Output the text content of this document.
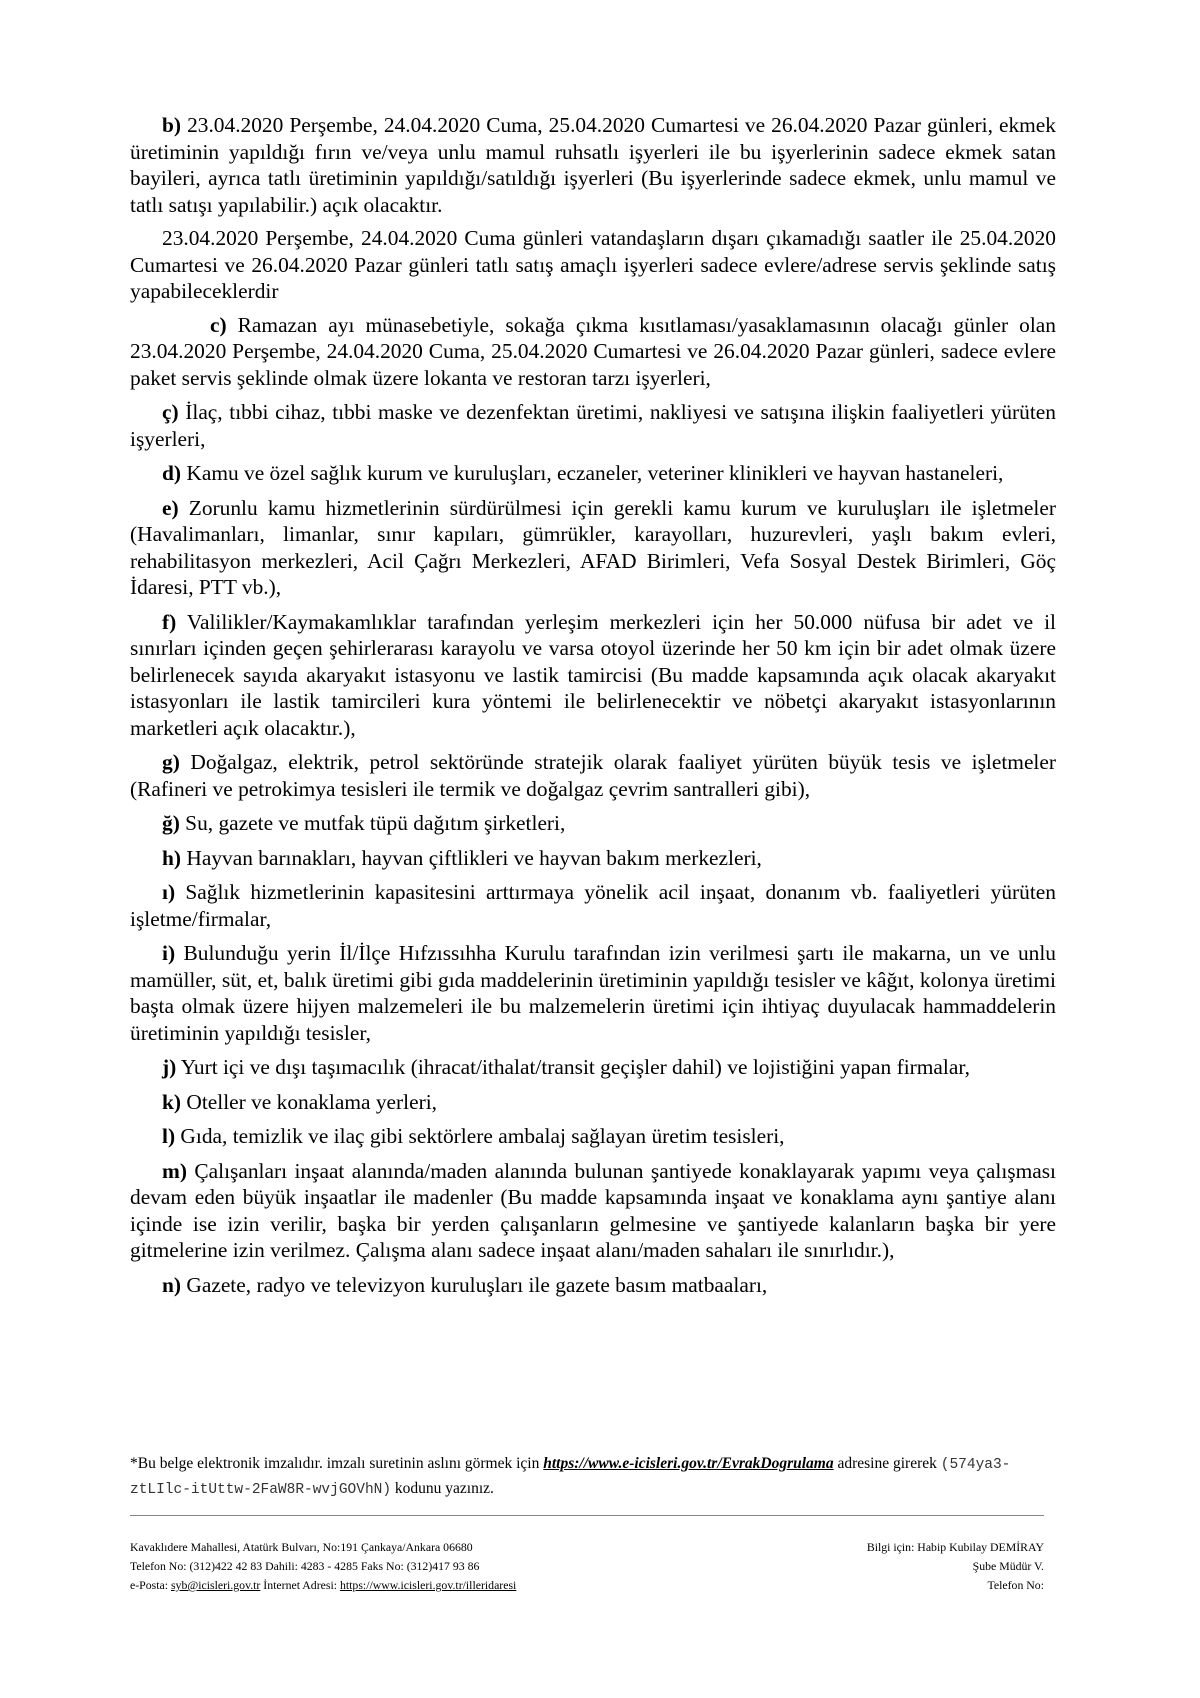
b) 23.04.2020 Perşembe, 24.04.2020 Cuma, 25.04.2020 Cumartesi ve 26.04.2020 Pazar günleri, ekmek üretiminin yapıldığı fırın ve/veya unlu mamul ruhsatlı işyerleri ile bu işyerlerinin sadece ekmek satan bayileri, ayrıca tatlı üretiminin yapıldığı/satıldığı işyerleri (Bu işyerlerinde sadece ekmek, unlu mamul ve tatlı satışı yapılabilir.) açık olacaktır.

23.04.2020 Perşembe, 24.04.2020 Cuma günleri vatandaşların dışarı çıkamadığı saatler ile 25.04.2020 Cumartesi ve 26.04.2020 Pazar günleri tatlı satış amaçlı işyerleri sadece evlere/adrese servis şeklinde satış yapabileceklerdir

c) Ramazan ayı münasebetiyle, sokağa çıkma kısıtlaması/yasaklamasının olacağı günler olan 23.04.2020 Perşembe, 24.04.2020 Cuma, 25.04.2020 Cumartesi ve 26.04.2020 Pazar günleri, sadece evlere paket servis şeklinde olmak üzere lokanta ve restoran tarzı işyerleri,

ç) İlaç, tıbbi cihaz, tıbbi maske ve dezenfektan üretimi, nakliyesi ve satışına ilişkin faaliyetleri yürüten işyerleri,

d) Kamu ve özel sağlık kurum ve kuruluşları, eczaneler, veteriner klinikleri ve hayvan hastaneleri,

e) Zorunlu kamu hizmetlerinin sürdürülmesi için gerekli kamu kurum ve kuruluşları ile işletmeler (Havalimanları, limanlar, sınır kapıları, gümrükler, karayolları, huzurevleri, yaşlı bakım evleri, rehabilitasyon merkezleri, Acil Çağrı Merkezleri, AFAD Birimleri, Vefa Sosyal Destek Birimleri, Göç İdaresi, PTT vb.),

f) Valilikler/Kaymakamlıklar tarafından yerleşim merkezleri için her 50.000 nüfusa bir adet ve il sınırları içinden geçen şehirlerarası karayolu ve varsa otoyol üzerinde her 50 km için bir adet olmak üzere belirlenecek sayıda akaryakıt istasyonu ve lastik tamircisi (Bu madde kapsamında açık olacak akaryakıt istasyonları ile lastik tamircileri kura yöntemi ile belirlenecektir ve nöbetçi akaryakıt istasyonlarının marketleri açık olacaktır.),

g) Doğalgaz, elektrik, petrol sektöründe stratejik olarak faaliyet yürüten büyük tesis ve işletmeler (Rafineri ve petrokimya tesisleri ile termik ve doğalgaz çevrim santralleri gibi),

ğ) Su, gazete ve mutfak tüpü dağıtım şirketleri,

h) Hayvan barınakları, hayvan çiftlikleri ve hayvan bakım merkezleri,

ı) Sağlık hizmetlerinin kapasitesini arttırmaya yönelik acil inşaat, donanım vb. faaliyetleri yürüten işletme/firmalar,

i) Bulunduğu yerin İl/İlçe Hıfzıssıhha Kurulu tarafından izin verilmesi şartı ile makarna, un ve unlu mamüller, süt, et, balık üretimi gibi gıda maddelerinin üretiminin yapıldığı tesisler ve kâğıt, kolonya üretimi başta olmak üzere hijyen malzemeleri ile bu malzemelerin üretimi için ihtiyaç duyulacak hammaddelerin üretiminin yapıldığı tesisler,

j) Yurt içi ve dışı taşımacılık (ihracat/ithalat/transit geçişler dahil) ve lojistiğini yapan firmalar,

k) Oteller ve konaklama yerleri,

l) Gıda, temizlik ve ilaç gibi sektörlere ambalaj sağlayan üretim tesisleri,

m) Çalışanları inşaat alanında/maden alanında bulunan şantiyede konaklayarak yapımı veya çalışması devam eden büyük inşaatlar ile madenler (Bu madde kapsamında inşaat ve konaklama aynı şantiye alanı içinde ise izin verilir, başka bir yerden çalışanların gelmesine ve şantiyede kalanların başka bir yere gitmelerine izin verilmez. Çalışma alanı sadece inşaat alanı/maden sahaları ile sınırlıdır.),

n) Gazete, radyo ve televizyon kuruluşları ile gazete basım matbaaları,

*Bu belge elektronik imzalıdır. imzalı suretinin aslını görmek için https://www.e-icisleri.gov.tr/EvrakDogrulama adresine girerek (574ya3-ztLIlc-itUttw-2FaW8R-wvjGOVhN) kodunu yazınız.
Kavaklıdere Mahallesi, Atatürk Bulvarı, No:191 Çankaya/Ankara 06680
Telefon No: (312)422 42 83 Dahili: 4283 - 4285 Faks No: (312)417 93 86
e-Posta: syb@icisleri.gov.tr İnternet Adresi: https://www.icisleri.gov.tr/illeridaresi
Bilgi için: Habip Kubilay DEMİRAY
Şube Müdür V.
Telefon No:
